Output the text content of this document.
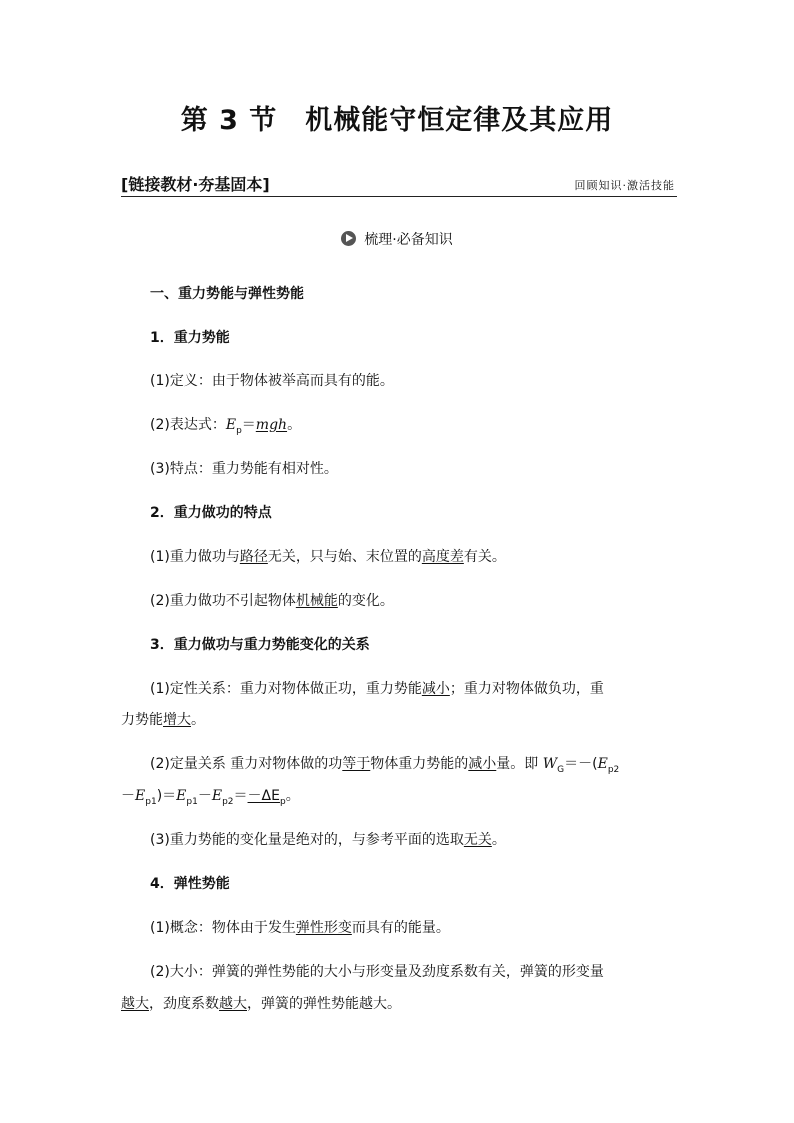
第 3 节　机械能守恒定律及其应用
[链接教材·夯基固本]	回顾知识·激活技能
梳理·必备知识
一、重力势能与弹性势能
1．重力势能
(1)定义：由于物体被举高而具有的能。
(2)表达式：$E_p=mgh$。
(3)特点：重力势能有相对性。
2．重力做功的特点
(1)重力做功与路径无关，只与始、末位置的高度差有关。
(2)重力做功不引起物体机械能的变化。
3．重力做功与重力势能变化的关系
(1)定性关系：重力对物体做正功，重力势能减小；重力对物体做负功，重
力势能增大。
(2)定量关系 重力对物体做的功等于物体重力势能的减小量。即 $W_G=-(E_{p2}$
$-E_{p1})=E_{p1}-E_{p2}=-\Delta E_p$。
(3)重力势能的变化量是绝对的，与参考平面的选取无关。
4．弹性势能
(1)概念：物体由于发生弹性形变而具有的能量。
(2)大小：弹簧的弹性势能的大小与形变量及劲度系数有关，弹簧的形变量
越大，劲度系数越大，弹簧的弹性势能越大。
